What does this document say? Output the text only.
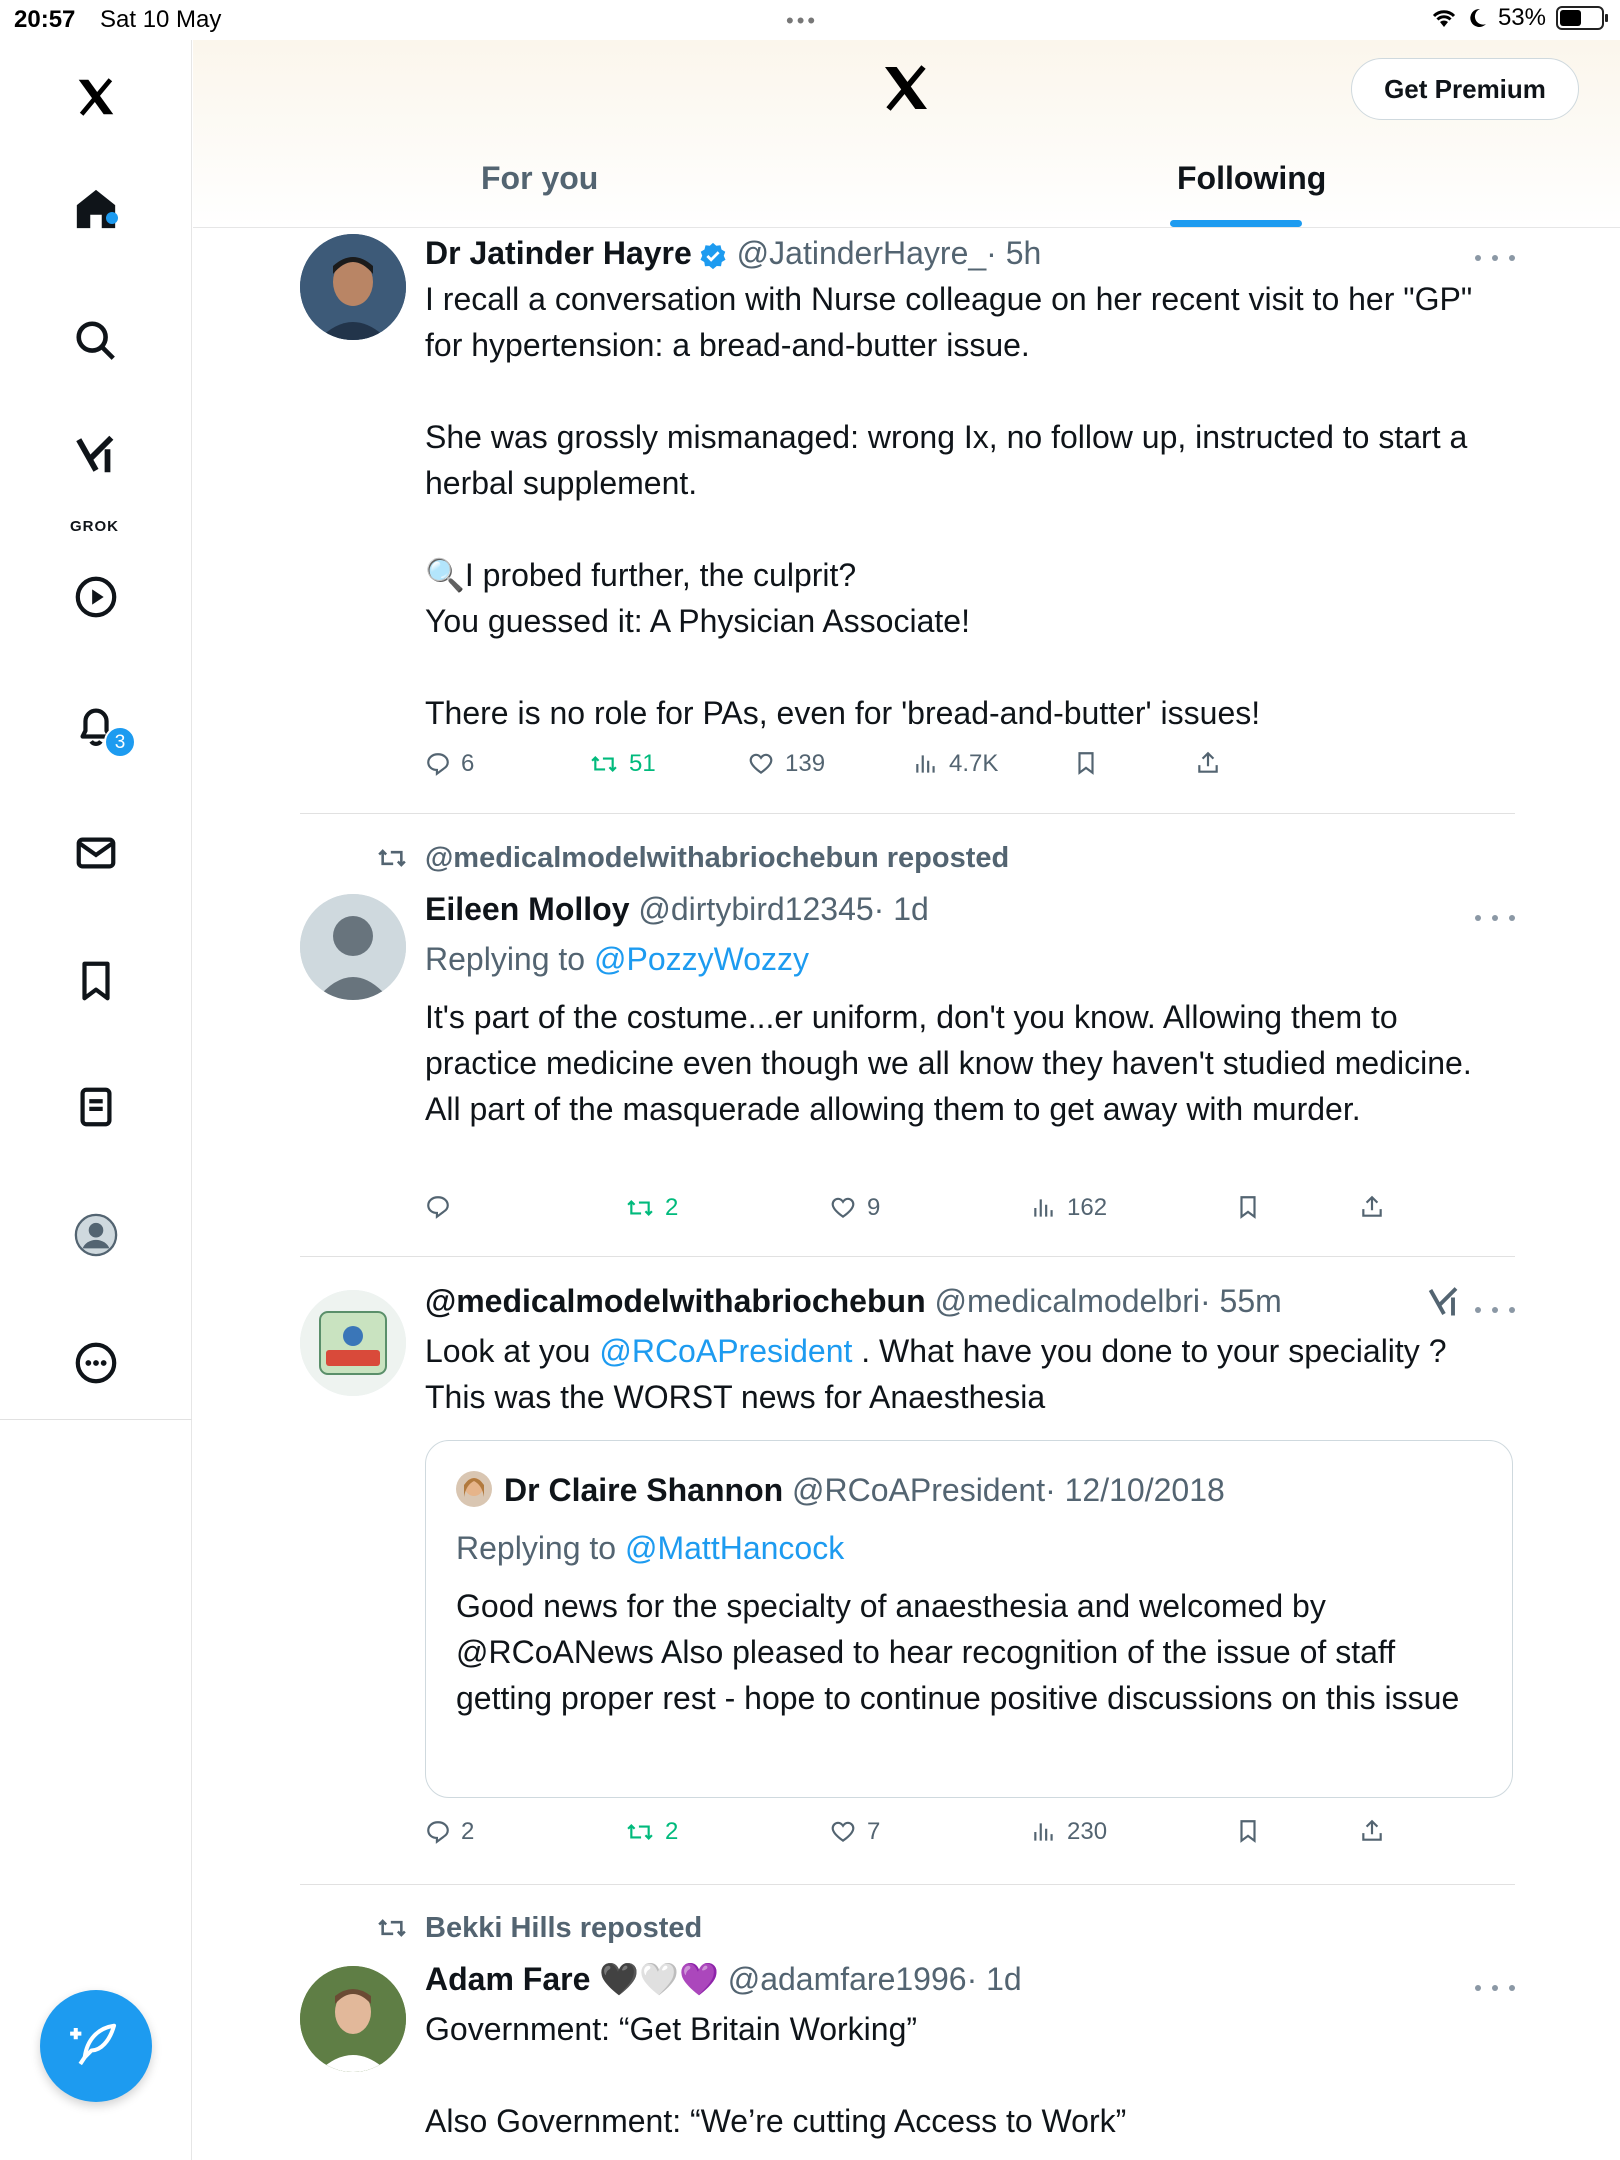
20:57 Sat 10 May	•••	53%
GROK
3
Get Premium
For you	Following
Dr Jatinder Hayre @JatinderHayre_· 5h
I recall a conversation with Nurse colleague on her recent visit to her "GP" for hypertension: a bread-and-butter issue.

She was grossly mismanaged: wrong Ix, no follow up, instructed to start a herbal supplement.

🔍I probed further, the culprit?
You guessed it: A Physician Associate!

There is no role for PAs, even for 'bread-and-butter' issues!
6	51	139	4.7K
@medicalmodelwithabriochebun reposted
Eileen Molloy @dirtybird12345· 1d
Replying to @PozzyWozzy
It's part of the costume...er uniform, don't you know. Allowing them to practice medicine even though we all know they haven't studied medicine. All part of the masquerade allowing them to get away with murder.
2	9	162
@medicalmodelwithabriochebun @medicalmodelbri· 55m
Look at you @RCoAPresident . What have you done to your speciality ?
This was the WORST news for Anaesthesia
Dr Claire Shannon @RCoAPresident· 12/10/2018
Replying to @MattHancock
Good news for the specialty of anaesthesia and welcomed by @RCoANews Also pleased to hear recognition of the issue of staff getting proper rest - hope to continue positive discussions on this issue
2	2	7	230
Bekki Hills reposted
Adam Fare 🖤🤍💜 @adamfare1996· 1d
Government: “Get Britain Working”

Also Government: “We’re cutting Access to Work”
